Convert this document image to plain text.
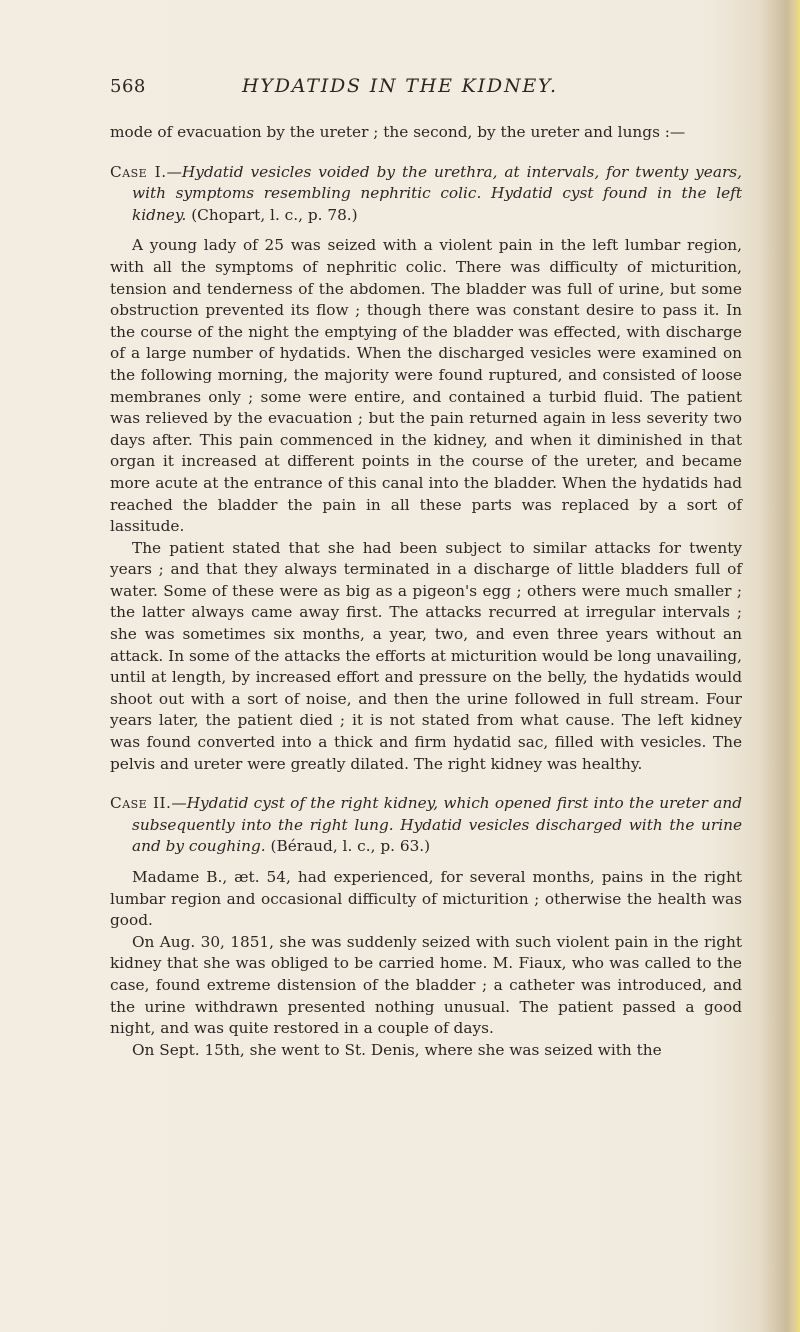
568	HYDATIDS IN THE KIDNEY.

mode of evacuation by the ureter ; the second, by the ureter and lungs :—

Case I.—Hydatid vesicles voided by the urethra, at intervals, for twenty years, with symptoms resembling nephritic colic. Hydatid cyst found in the left kidney. (Chopart, l. c., p. 78.)

A young lady of 25 was seized with a violent pain in the left lumbar region, with all the symptoms of nephritic colic. There was difficulty of micturition, tension and tenderness of the abdomen. The bladder was full of urine, but some obstruction prevented its flow ; though there was constant desire to pass it. In the course of the night the emptying of the bladder was effected, with discharge of a large number of hydatids. When the discharged vesicles were examined on the following morning, the majority were found ruptured, and consisted of loose membranes only ; some were entire, and contained a turbid fluid. The patient was relieved by the evacuation ; but the pain returned again in less severity two days after. This pain commenced in the kidney, and when it diminished in that organ it increased at different points in the course of the ureter, and became more acute at the entrance of this canal into the bladder. When the hydatids had reached the bladder the pain in all these parts was replaced by a sort of lassitude.

The patient stated that she had been subject to similar attacks for twenty years ; and that they always terminated in a discharge of little bladders full of water. Some of these were as big as a pigeon's egg ; others were much smaller ; the latter always came away first. The attacks recurred at irregular intervals ; she was sometimes six months, a year, two, and even three years without an attack. In some of the attacks the efforts at micturition would be long unavailing, until at length, by increased effort and pressure on the belly, the hydatids would shoot out with a sort of noise, and then the urine followed in full stream. Four years later, the patient died ; it is not stated from what cause. The left kidney was found converted into a thick and firm hydatid sac, filled with vesicles. The pelvis and ureter were greatly dilated. The right kidney was healthy.

Case II.—Hydatid cyst of the right kidney, which opened first into the ureter and subsequently into the right lung. Hydatid vesicles discharged with the urine and by coughing. (Béraud, l. c., p. 63.)

Madame B., æt. 54, had experienced, for several months, pains in the right lumbar region and occasional difficulty of micturition ; otherwise the health was good.

On Aug. 30, 1851, she was suddenly seized with such violent pain in the right kidney that she was obliged to be carried home. M. Fiaux, who was called to the case, found extreme distension of the bladder ; a catheter was introduced, and the urine withdrawn presented nothing unusual. The patient passed a good night, and was quite restored in a couple of days.

On Sept. 15th, she went to St. Denis, where she was seized with the
